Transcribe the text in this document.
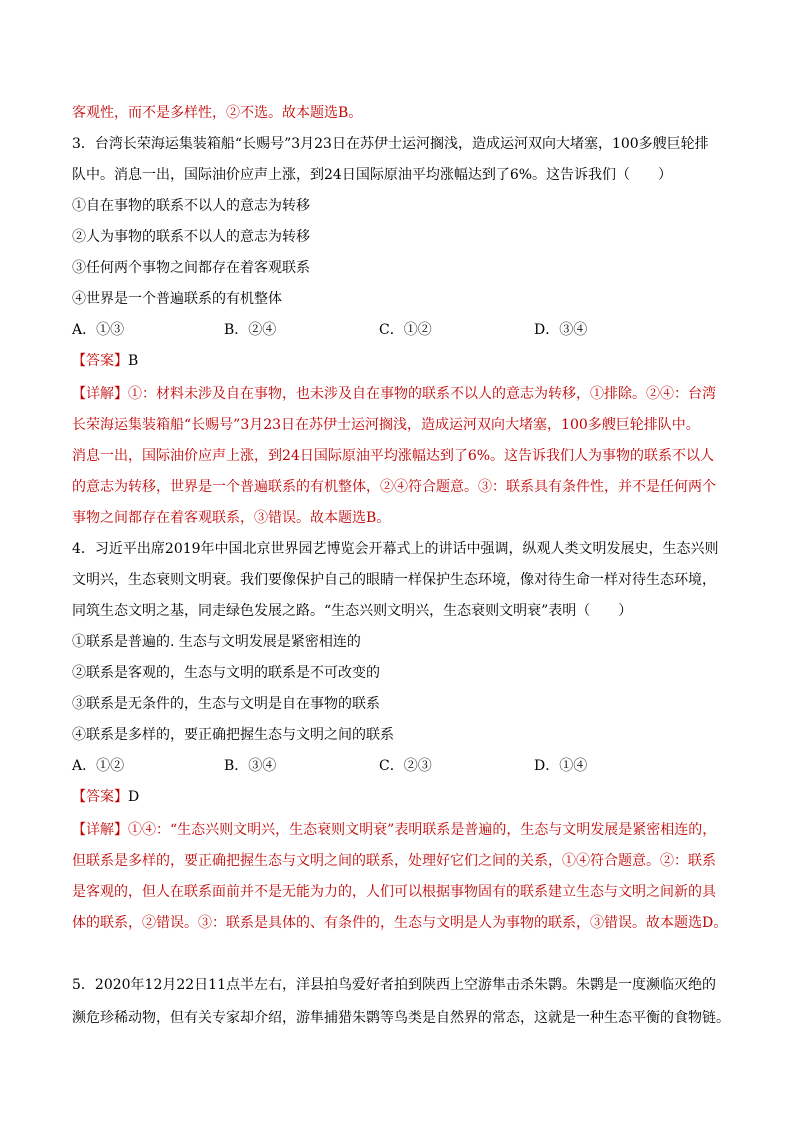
客观性，而不是多样性，②不选。故本题选B。
3．台湾长荣海运集装箱船“长赐号”3月23日在苏伊士运河搁浅，造成运河双向大堵塞，100多艘巨轮排
队中。消息一出，国际油价应声上涨，到24日国际原油平均涨幅达到了6%。这告诉我们（　　）
①自在事物的联系不以人的意志为转移
②人为事物的联系不以人的意志为转移
③任何两个事物之间都存在着客观联系
④世界是一个普遍联系的有机整体
A．①③	B．②④	C．①②	D．③④
【答案】B
【详解】①：材料未涉及自在事物，也未涉及自在事物的联系不以人的意志为转移，①排除。②④：台湾
长荣海运集装箱船“长赐号”3月23日在苏伊士运河搁浅，造成运河双向大堵塞，100多艘巨轮排队中。
消息一出，国际油价应声上涨，到24日国际原油平均涨幅达到了6%。这告诉我们人为事物的联系不以人
的意志为转移，世界是一个普遍联系的有机整体，②④符合题意。③：联系具有条件性，并不是任何两个
事物之间都存在着客观联系，③错误。故本题选B。
4．习近平出席2019年中国北京世界园艺博览会开幕式上的讲话中强调，纵观人类文明发展史，生态兴则
文明兴，生态衰则文明衰。我们要像保护自己的眼睛一样保护生态环境，像对待生命一样对待生态环境，
同筑生态文明之基，同走绿色发展之路。“生态兴则文明兴，生态衰则文明衰”表明（　　）
①联系是普遍的. 生态与文明发展是紧密相连的
②联系是客观的，生态与文明的联系是不可改变的
③联系是无条件的，生态与文明是自在事物的联系
④联系是多样的，要正确把握生态与文明之间的联系
A．①②	B．③④	C．②③	D．①④
【答案】D
【详解】①④：“生态兴则文明兴，生态衰则文明衰”表明联系是普遍的，生态与文明发展是紧密相连的，
但联系是多样的，要正确把握生态与文明之间的联系，处理好它们之间的关系，①④符合题意。②：联系
是客观的，但人在联系面前并不是无能为力的，人们可以根据事物固有的联系建立生态与文明之间新的具
体的联系，②错误。③：联系是具体的、有条件的，生态与文明是人为事物的联系，③错误。故本题选D。
5．2020年12月22日11点半左右，洋县拍鸟爱好者拍到陕西上空游隼击杀朱鹮。朱鹮是一度濒临灭绝的
濒危珍稀动物，但有关专家却介绍，游隼捕猎朱鹮等鸟类是自然界的常态，这就是一种生态平衡的食物链。
